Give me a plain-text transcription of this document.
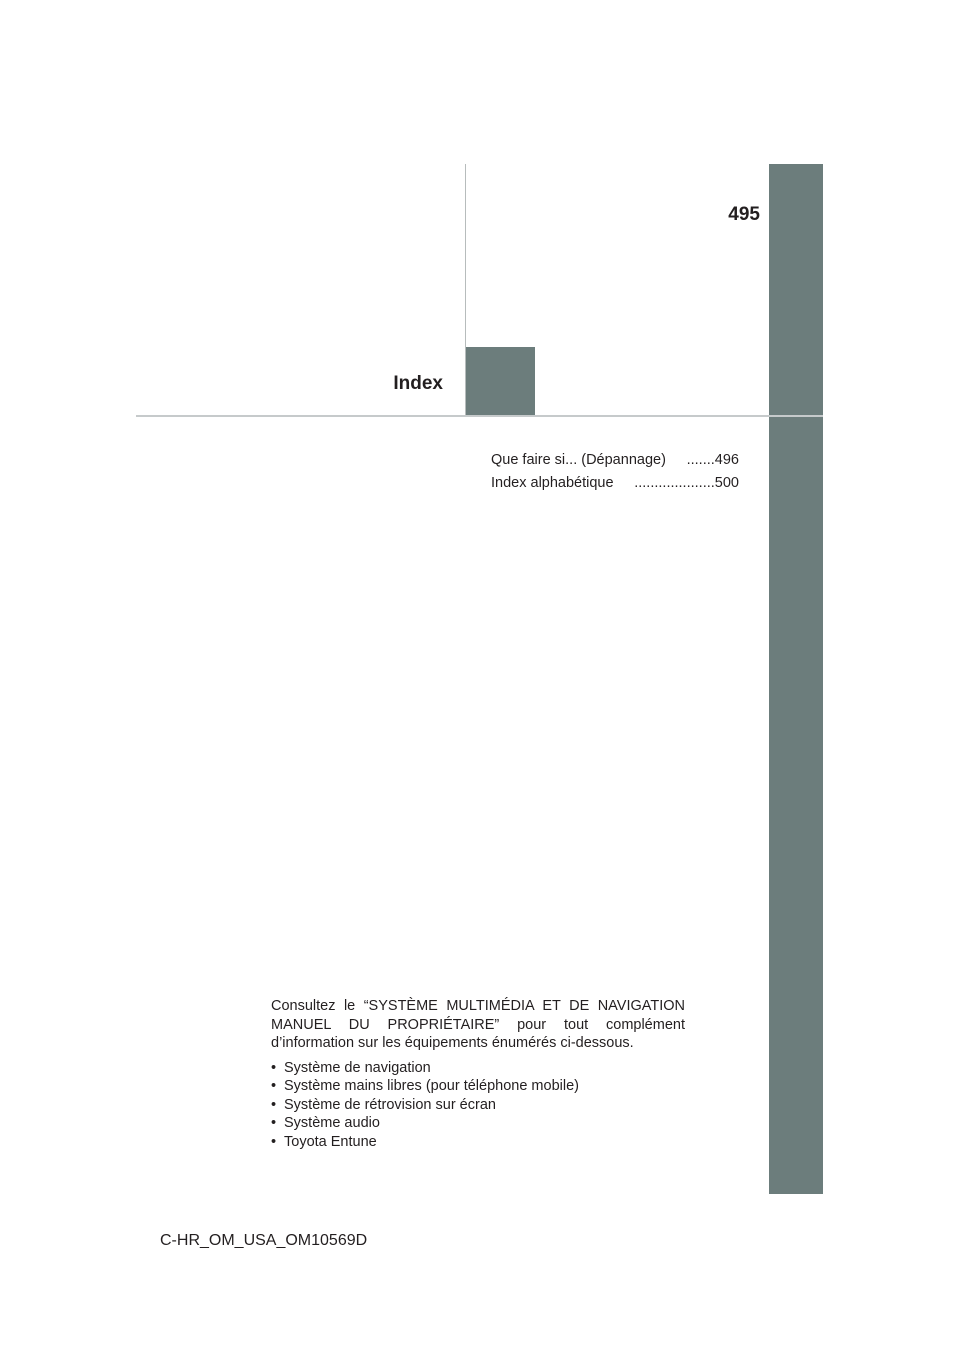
495
Index
Que faire si... (Dépannage)	....... 496
Index alphabétique	.................... 500

Consultez le “SYSTÈME MULTIMÉDIA ET DE NAVIGATION MANUEL DU PROPRIÉTAIRE” pour tout complément d’information sur les équipements énumérés ci-dessous.

• Système de navigation
• Système mains libres (pour téléphone mobile)
• Système de rétrovision sur écran
• Système audio
• Toyota Entune
C-HR_OM_USA_OM10569D
